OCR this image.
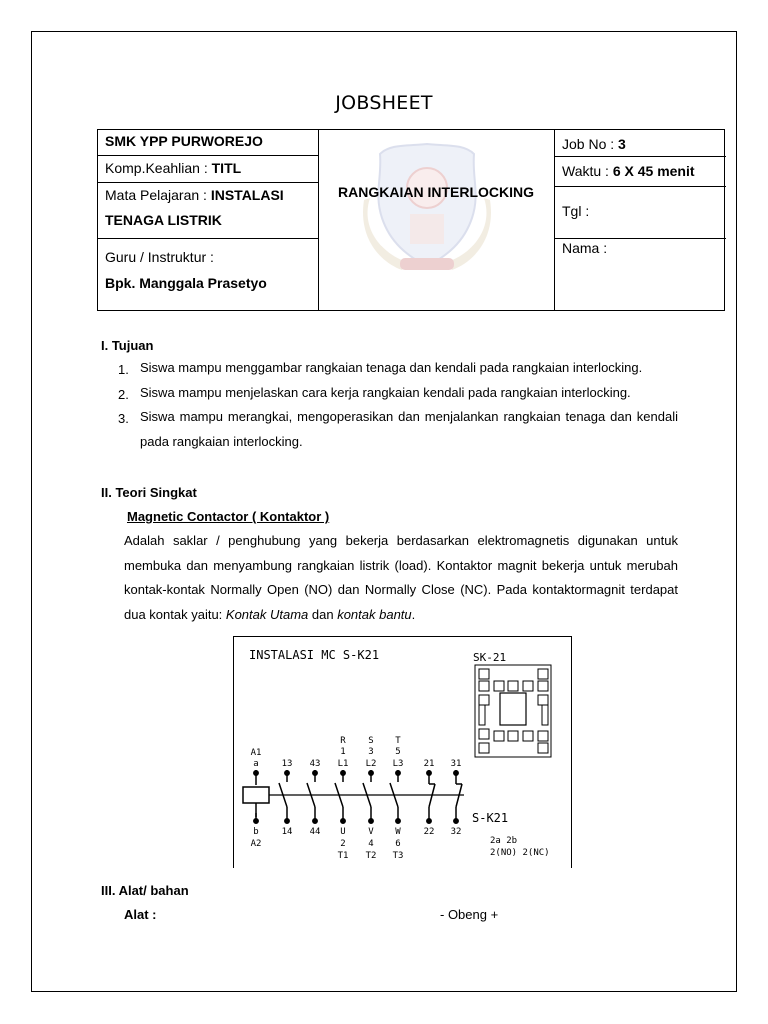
JOBSHEET
SMK YPP PURWOREJO
Komp.Keahlian : TITL
Mata Pelajaran : INSTALASI
TENAGA LISTRIK
Guru / Instruktur :
Bpk. Manggala Prasetyo
RANGKAIAN INTERLOCKING
Job No : 3
Waktu : 6 X 45 menit
Tgl :
Nama :
I. Tujuan
1. Siswa mampu menggambar rangkaian tenaga dan kendali pada rangkaian interlocking.
2. Siswa mampu menjelaskan cara kerja rangkaian kendali pada rangkaian interlocking.
3. Siswa mampu merangkai, mengoperasikan dan menjalankan rangkaian tenaga dan kendali pada rangkaian interlocking.
II. Teori Singkat
Magnetic Contactor ( Kontaktor )
Adalah saklar / penghubung yang bekerja berdasarkan elektromagnetis digunakan untuk membuka dan menyambung rangkaian listrik (load). Kontaktor magnit bekerja untuk merubah kontak-kontak Normally Open (NO) dan Normally Close (NC). Pada kontaktormagnit terdapat dua kontak yaitu: Kontak Utama dan kontak bantu.
INSTALASI MC S-K21	SK-21
R	S T
1	3 5
A1
a	13 43 L1 L2 L3 21 31
b
A2
14 44 U	V W	22 32
2	4 6
T1 T2 T3
S-K21
2a 2b
2(NO) 2(NC)
III. Alat/ bahan
Alat :	- Obeng +
